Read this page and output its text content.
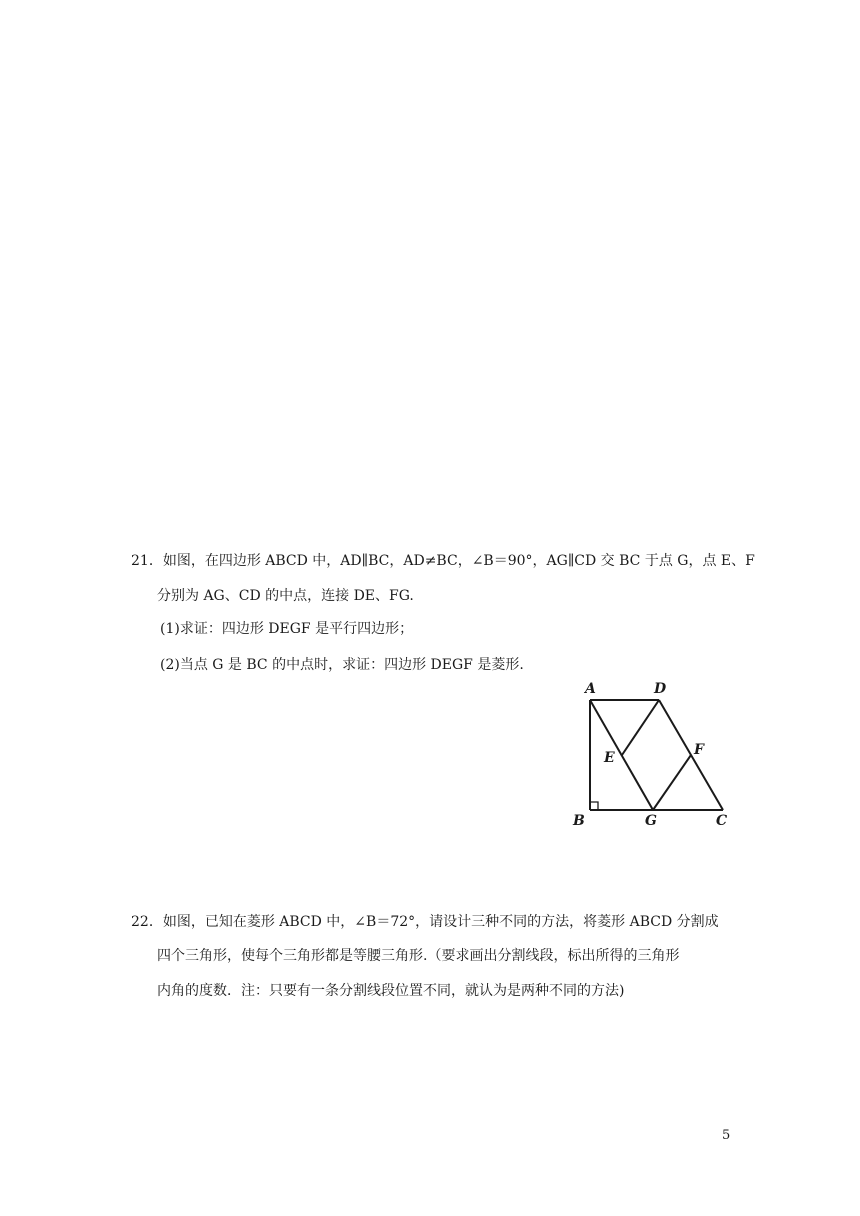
21．如图，在四边形 ABCD 中，AD∥BC，AD≠BC，∠B＝90°，AG∥CD 交 BC 于点 G，点 E、F
分别为 AG、CD 的中点，连接 DE、FG.
(1)求证：四边形 DEGF 是平行四边形；
(2)当点 G 是 BC 的中点时，求证：四边形 DEGF 是菱形.
A	D
E	F
B	G	C
22．如图，已知在菱形 ABCD 中，∠B＝72°，请设计三种不同的方法，将菱形 ABCD 分割成
四个三角形，使每个三角形都是等腰三角形.（要求画出分割线段，标出所得的三角形
内角的度数．注：只要有一条分割线段位置不同，就认为是两种不同的方法)
5
